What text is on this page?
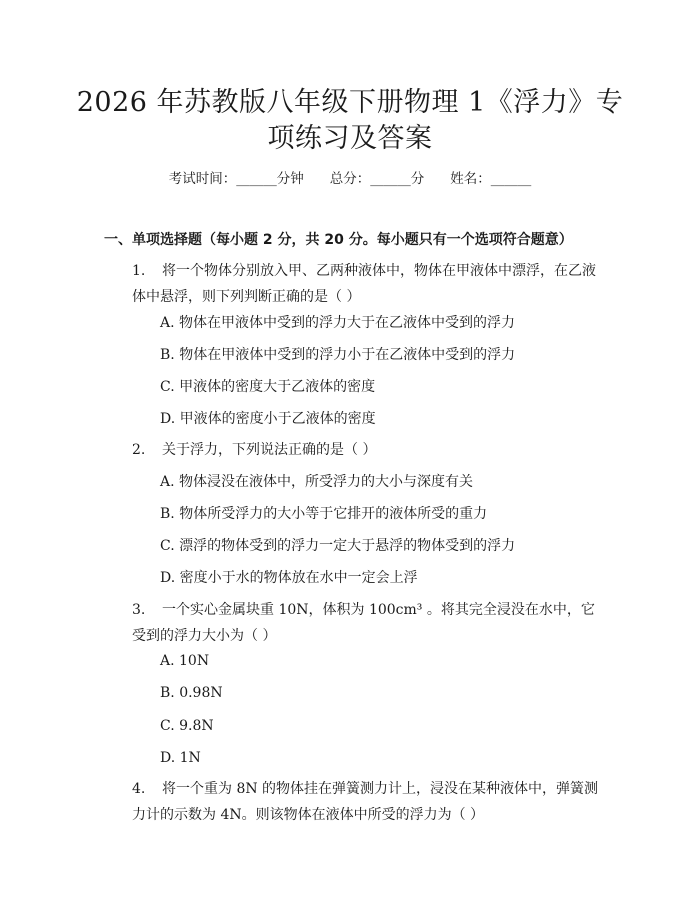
2026 年苏教版八年级下册物理 1《浮力》专
项练习及答案
考试时间：______分钟 总分：______分 姓名：______
一、单项选择题（每小题 2 分，共 20 分。每小题只有一个选项符合题意）
1. 将一个物体分别放入甲、乙两种液体中，物体在甲液体中漂浮，在乙液体中悬浮，则下列判断正确的是（ ）
A. 物体在甲液体中受到的浮力大于在乙液体中受到的浮力
B. 物体在甲液体中受到的浮力小于在乙液体中受到的浮力
C. 甲液体的密度大于乙液体的密度
D. 甲液体的密度小于乙液体的密度
2. 关于浮力，下列说法正确的是（ ）
A. 物体浸没在液体中，所受浮力的大小与深度有关
B. 物体所受浮力的大小等于它排开的液体所受的重力
C. 漂浮的物体受到的浮力一定大于悬浮的物体受到的浮力
D. 密度小于水的物体放在水中一定会上浮
3. 一个实心金属块重 10N，体积为 100cm³ 。将其完全浸没在水中，它受到的浮力大小为（ ）
A. 10N
B. 0.98N
C. 9.8N
D. 1N
4. 将一个重为 8N 的物体挂在弹簧测力计上，浸没在某种液体中，弹簧测力计的示数为 4N。则该物体在液体中所受的浮力为（ ）
